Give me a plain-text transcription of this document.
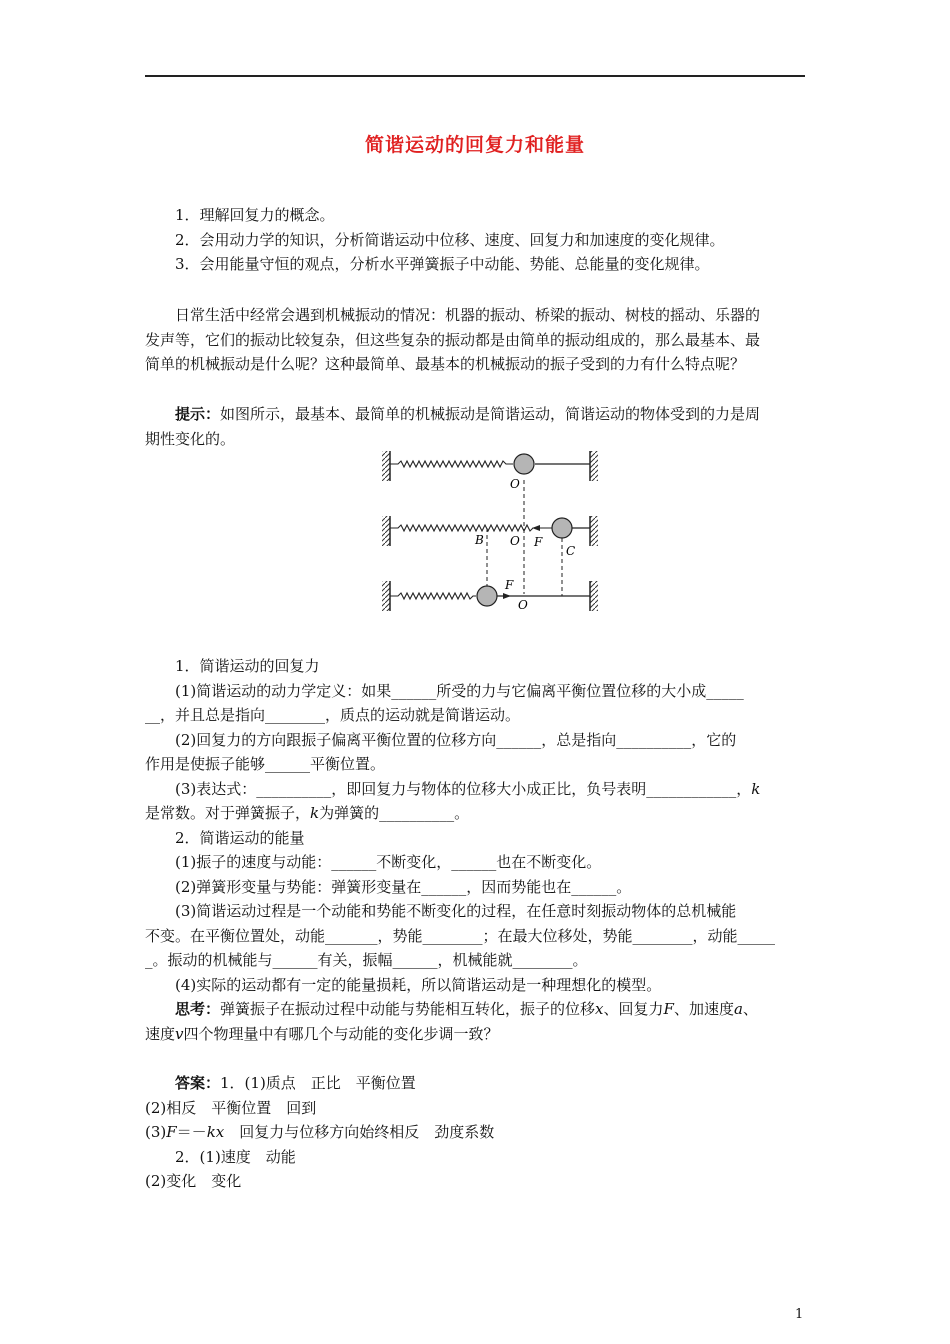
简谐运动的回复力和能量

1．理解回复力的概念。

2．会用动力学的知识，分析简谐运动中位移、速度、回复力和加速度的变化规律。

3．会用能量守恒的观点，分析水平弹簧振子中动能、势能、总能量的变化规律。

日常生活中经常会遇到机械振动的情况：机器的振动、桥梁的振动、树枝的摇动、乐器的

发声等，它们的振动比较复杂，但这些复杂的振动都是由简单的振动组成的，那么最基本、最

简单的机械振动是什么呢？这种最简单、最基本的机械振动的振子受到的力有什么特点呢？

提示：如图所示，最基本、最简单的机械振动是简谐运动，简谐运动的物体受到的力是周

期性变化的。

O
B O F
C
F
O

1．简谐运动的回复力

(1)简谐运动的动力学定义：如果______所受的力与它偏离平衡位置位移的大小成_____

__，并且总是指向________，质点的运动就是简谐运动。

(2)回复力的方向跟振子偏离平衡位置的位移方向______，总是指向__________，它的

作用是使振子能够______平衡位置。

(3)表达式：__________，即回复力与物体的位移大小成正比，负号表明____________，k

是常数。对于弹簧振子，k为弹簧的__________。

2．简谐运动的能量

(1)振子的速度与动能：______不断变化，______也在不断变化。

(2)弹簧形变量与势能：弹簧形变量在______，因而势能也在______。

(3)简谐运动过程是一个动能和势能不断变化的过程，在任意时刻振动物体的总机械能

不变。在平衡位置处，动能_______，势能________；在最大位移处，势能________，动能_____

_。振动的机械能与______有关，振幅______，机械能就________。

(4)实际的运动都有一定的能量损耗，所以简谐运动是一种理想化的模型。

思考：弹簧振子在振动过程中动能与势能相互转化，振子的位移x、回复力F、加速度a、

速度v四个物理量中有哪几个与动能的变化步调一致？

答案：1．(1)质点　正比　平衡位置

(2)相反　平衡位置　回到

(3)F＝－kx　回复力与位移方向始终相反　劲度系数

2．(1)速度　动能

(2)变化　变化

1
